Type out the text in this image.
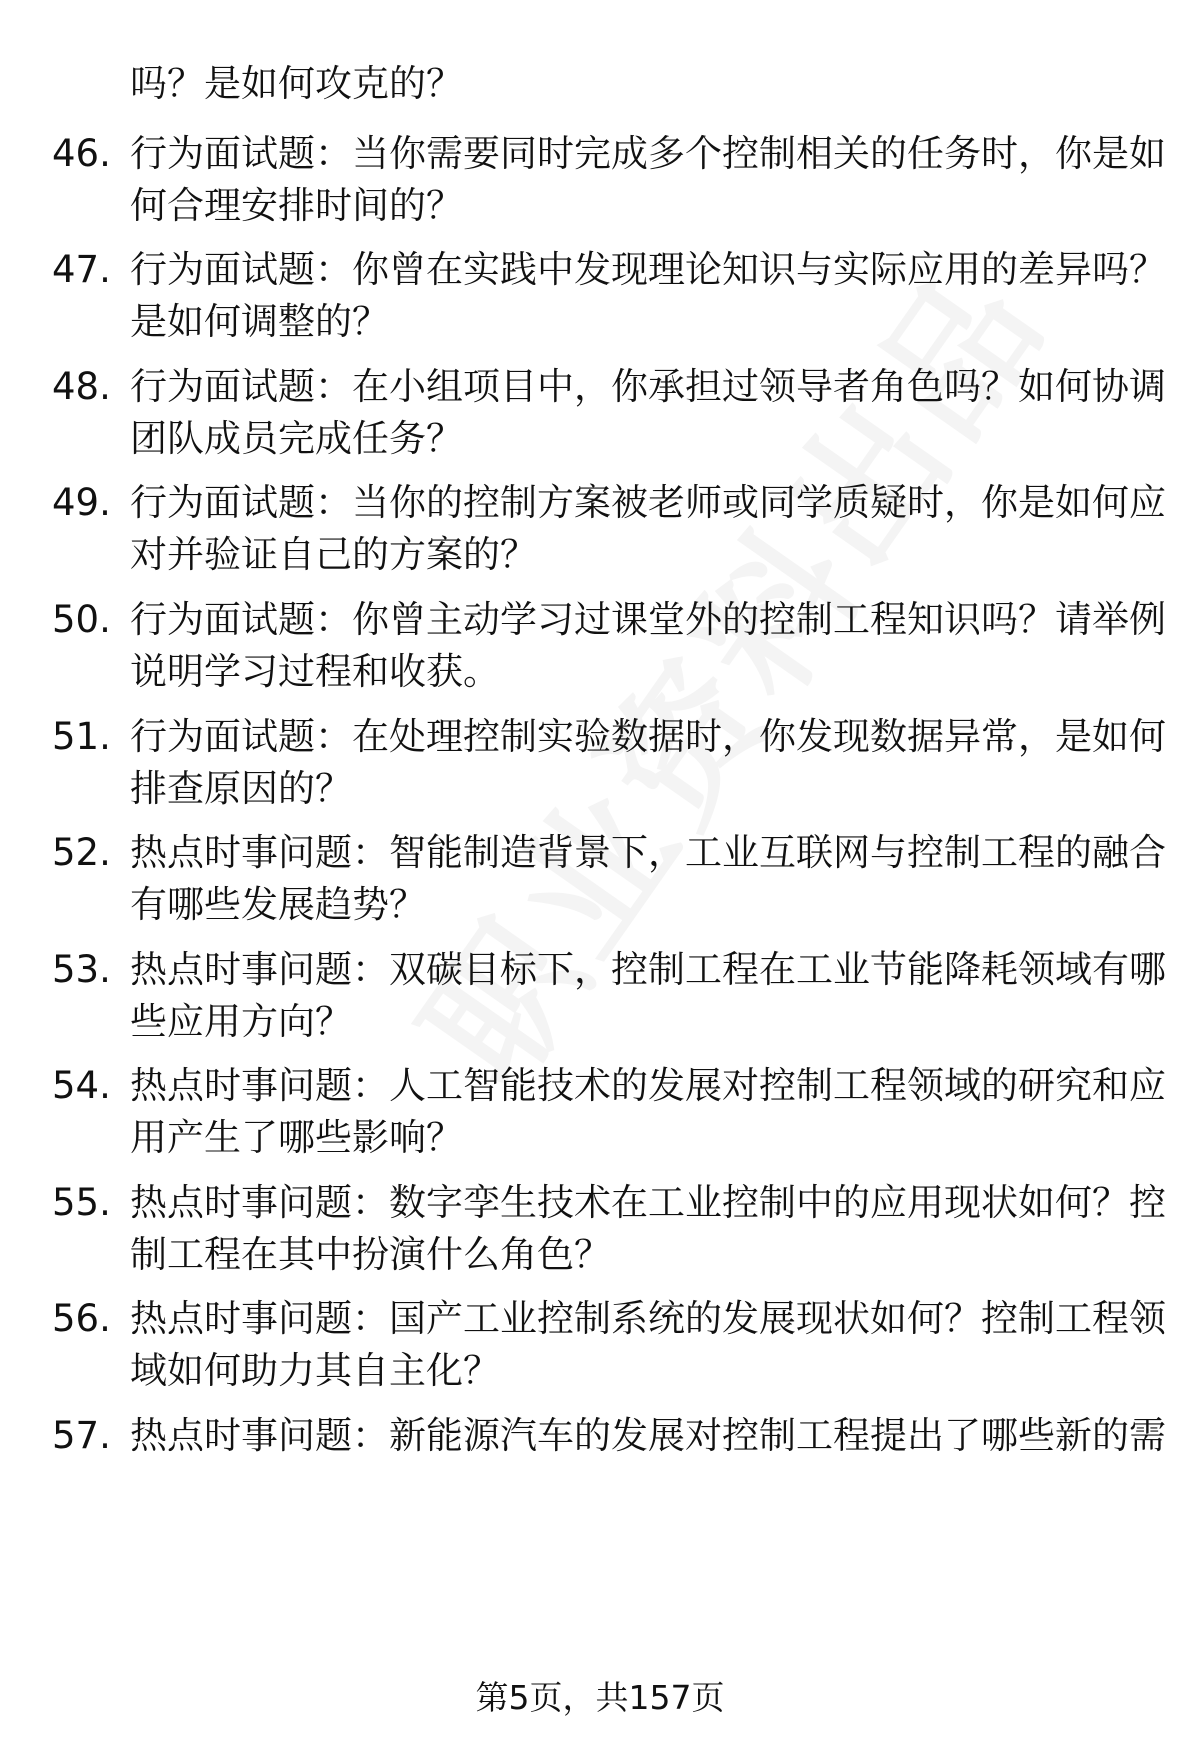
吗？是如何攻克的？
46. 行为面试题：当你需要同时完成多个控制相关的任务时，你是如
何合理安排时间的？
47. 行为面试题：你曾在实践中发现理论知识与实际应用的差异吗？
是如何调整的？
48. 行为面试题：在小组项目中，你承担过领导者角色吗？如何协调
团队成员完成任务？
49. 行为面试题：当你的控制方案被老师或同学质疑时，你是如何应
对并验证自己的方案的？
50. 行为面试题：你曾主动学习过课堂外的控制工程知识吗？请举例
说明学习过程和收获。
51. 行为面试题：在处理控制实验数据时，你发现数据异常，是如何
排查原因的？
52. 热点时事问题：智能制造背景下，工业互联网与控制工程的融合
有哪些发展趋势？
53. 热点时事问题：双碳目标下，控制工程在工业节能降耗领域有哪
些应用方向？
54. 热点时事问题：人工智能技术的发展对控制工程领域的研究和应
用产生了哪些影响？
55. 热点时事问题：数字孪生技术在工业控制中的应用现状如何？控
制工程在其中扮演什么角色？
56. 热点时事问题：国产工业控制系统的发展现状如何？控制工程领
域如何助力其自主化？
57. 热点时事问题：新能源汽车的发展对控制工程提出了哪些新的需
第5页，共157页
